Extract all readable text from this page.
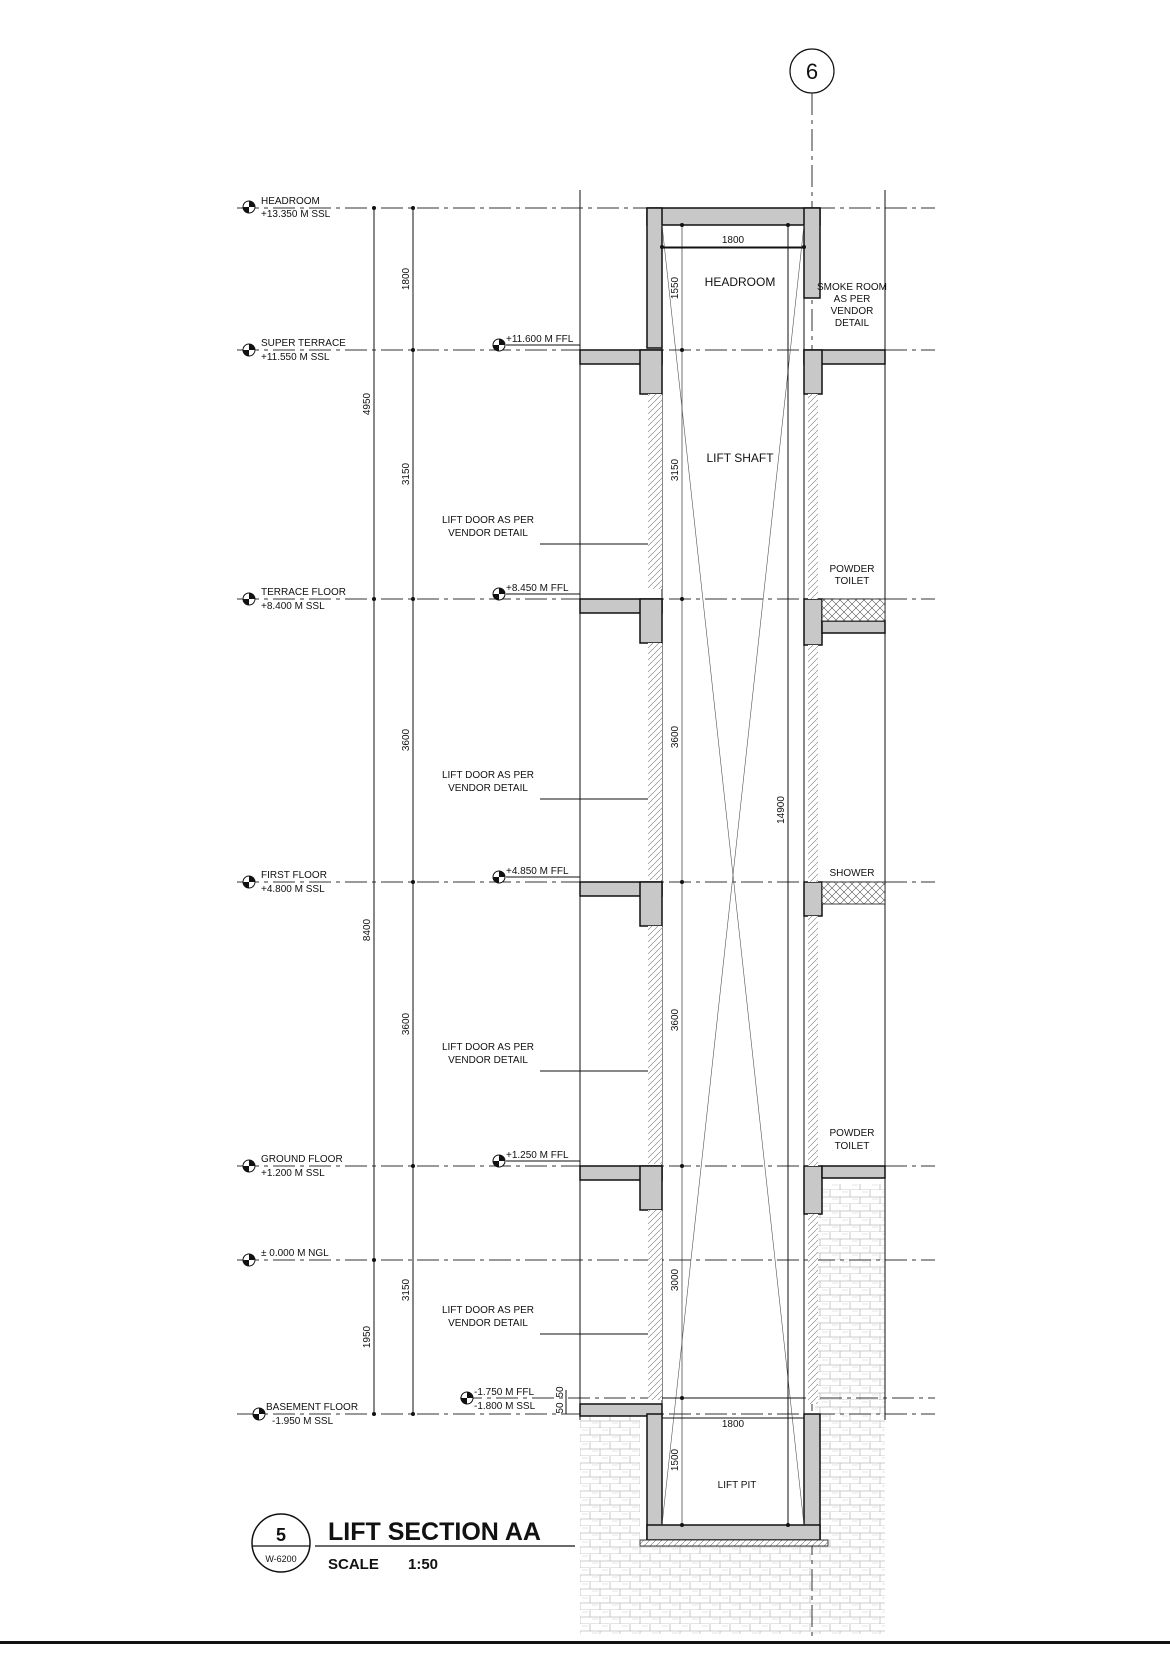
6
HEADROOM
LIFT SHAFT
LIFT PIT
SMOKE ROOM
AS PER
VENDOR
DETAIL
POWDER
TOILET
SHOWER
POWDER
TOILET
LIFT DOOR AS PER
VENDOR DETAIL
LIFT DOOR AS PER
VENDOR DETAIL
LIFT DOOR AS PER
VENDOR DETAIL
LIFT DOOR AS PER
VENDOR DETAIL
HEADROOM
+13.350 M SSL
SUPER TERRACE
+11.550 M SSL
TERRACE FLOOR
+8.400 M SSL
FIRST FLOOR
+4.800 M SSL
GROUND FLOOR
+1.200 M SSL
± 0.000 M NGL
BASEMENT FLOOR
-1.950 M SSL
+11.600 M FFL
+8.450 M FFL
+4.850 M FFL
+1.250 M FFL
-1.750 M FFL
-1.800 M SSL
4950
8400
1950
1800
3150
3600
3600
3150
1550
3150
3600
3600
3000
1500
14900
1800
1800
50
50
5
W-6200
LIFT SECTION AA
SCALE 1:50
